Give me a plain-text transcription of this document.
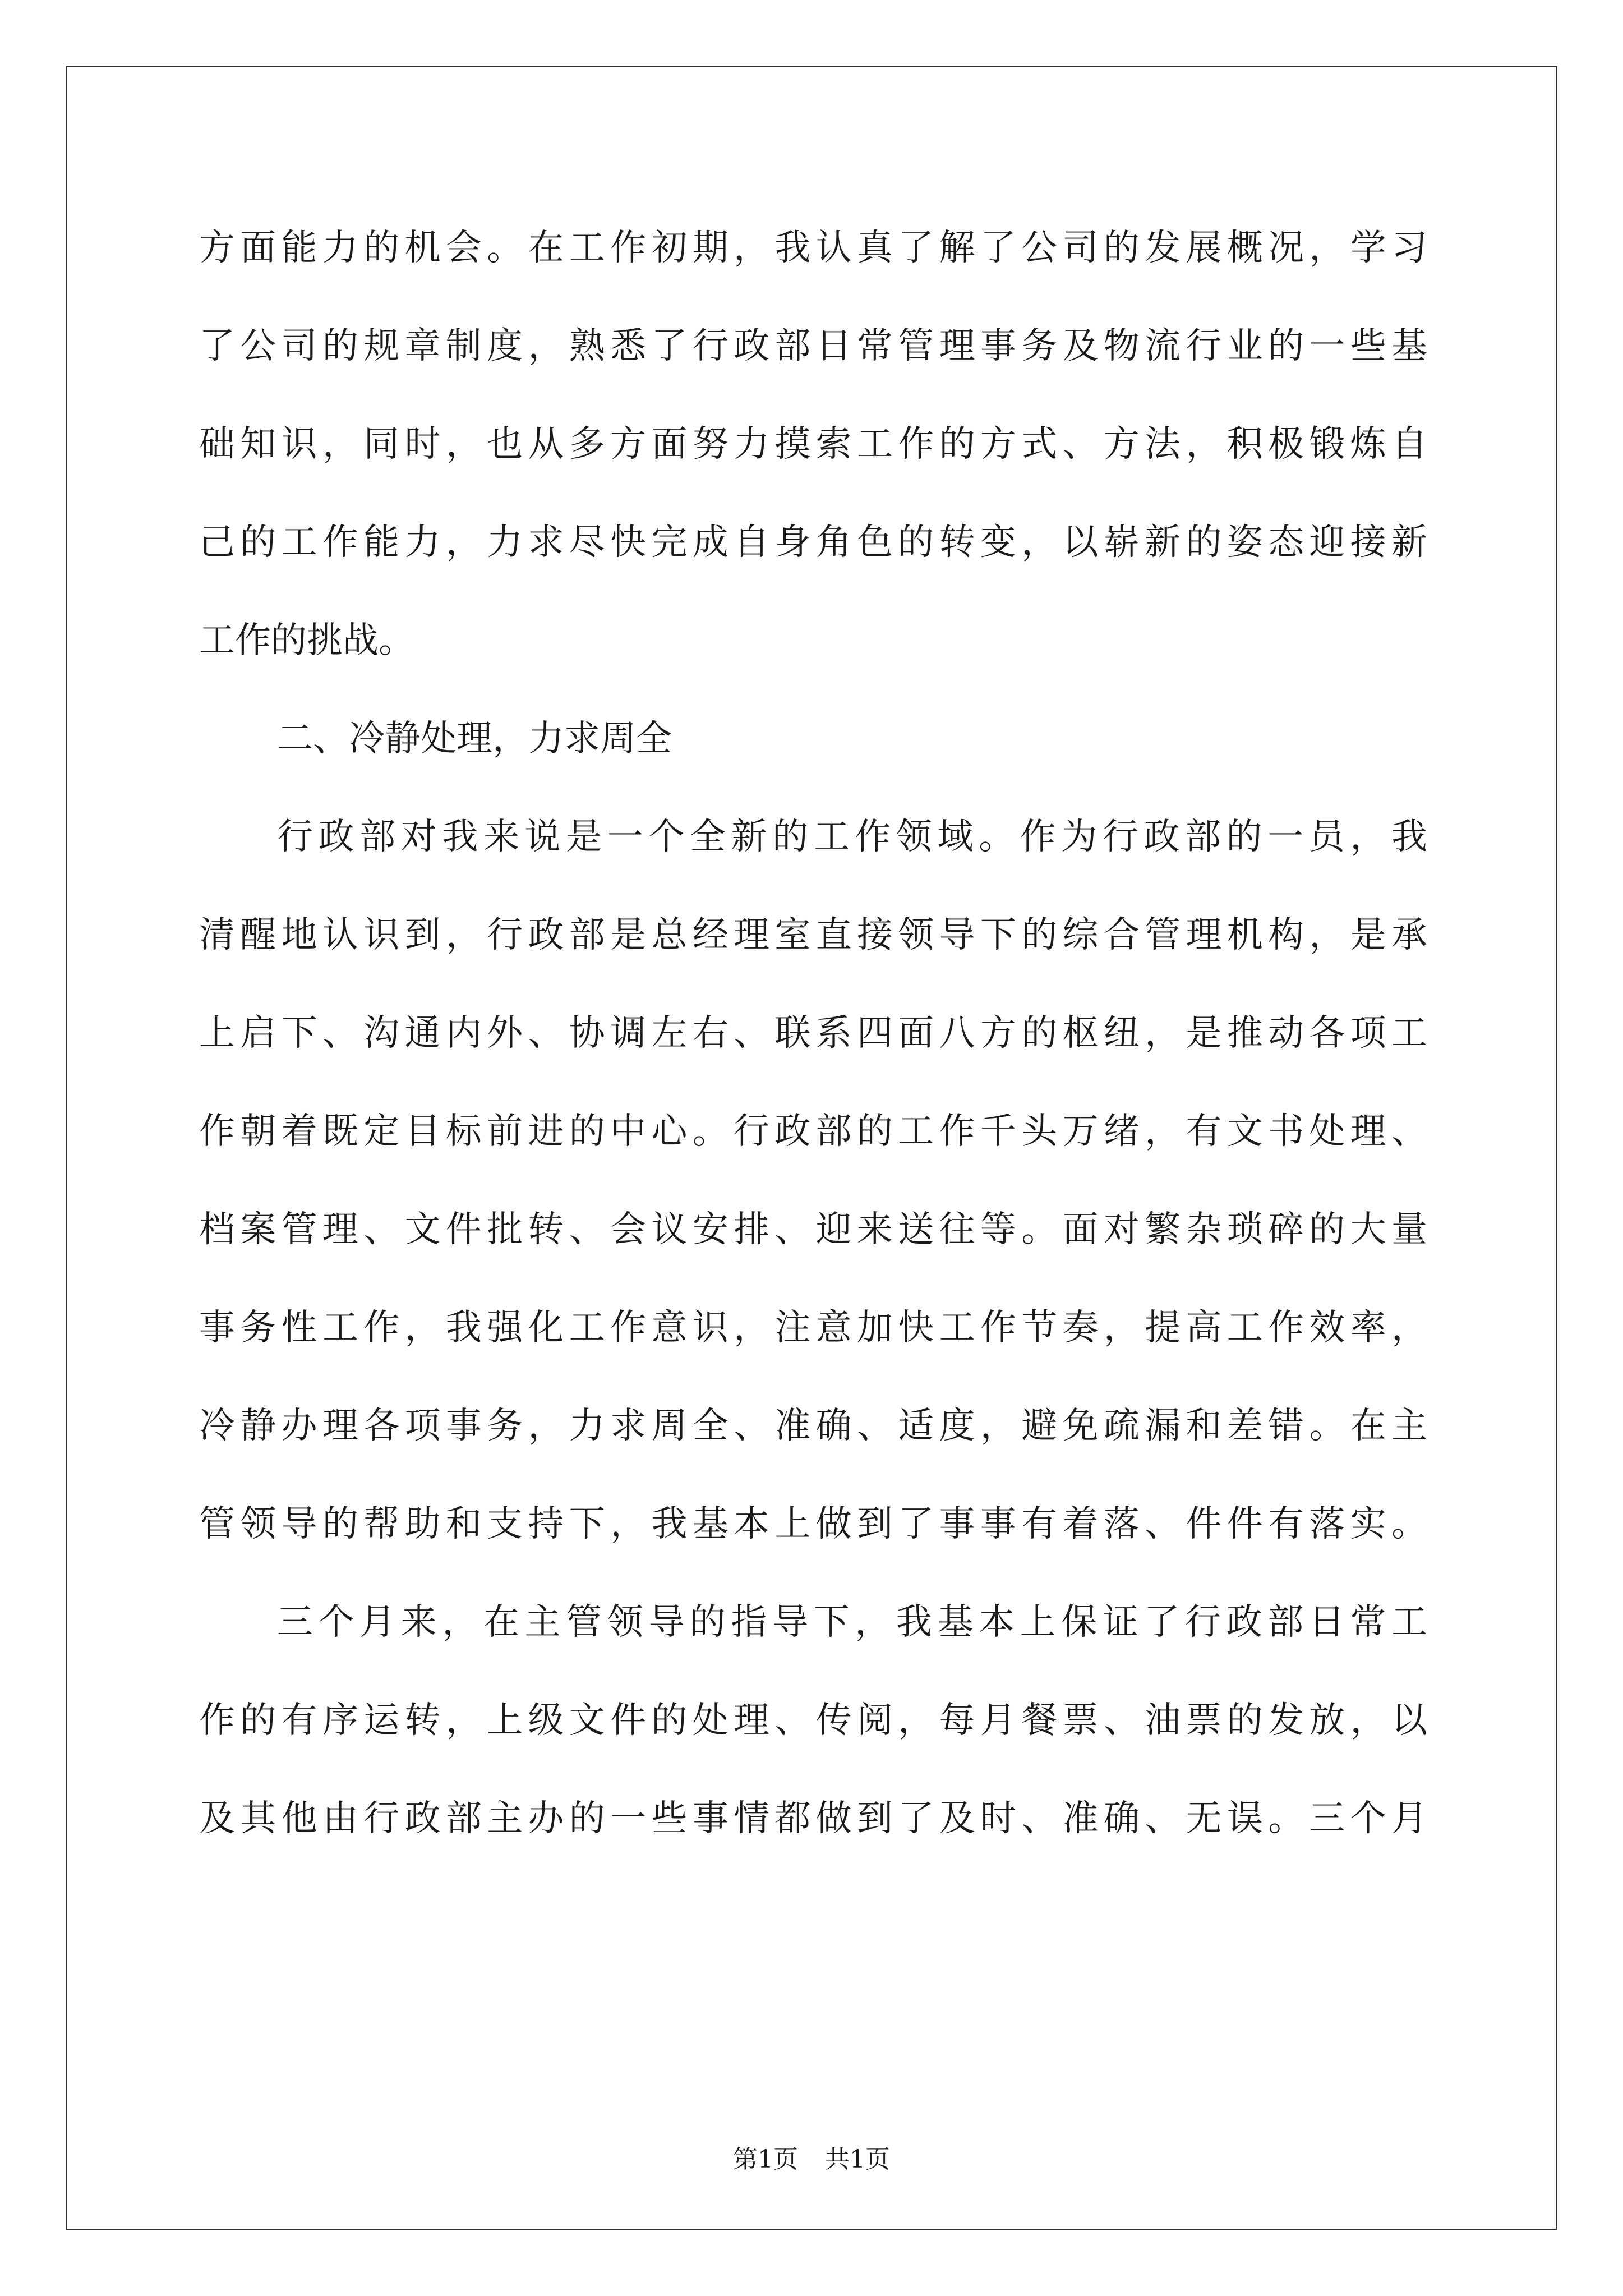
方面能力的机会。在工作初期，我认真了解了公司的发展概况，学习
了公司的规章制度，熟悉了行政部日常管理事务及物流行业的一些基
础知识，同时，也从多方面努力摸索工作的方式、方法，积极锻炼自
己的工作能力，力求尽快完成自身角色的转变，以崭新的姿态迎接新
工作的挑战。
二、冷静处理，力求周全
行政部对我来说是一个全新的工作领域。作为行政部的一员，我
清醒地认识到，行政部是总经理室直接领导下的综合管理机构，是承
上启下、沟通内外、协调左右、联系四面八方的枢纽，是推动各项工
作朝着既定目标前进的中心。行政部的工作千头万绪，有文书处理、
档案管理、文件批转、会议安排、迎来送往等。面对繁杂琐碎的大量
事务性工作，我强化工作意识，注意加快工作节奏，提高工作效率，
冷静办理各项事务，力求周全、准确、适度，避免疏漏和差错。在主
管领导的帮助和支持下，我基本上做到了事事有着落、件件有落实。
三个月来，在主管领导的指导下，我基本上保证了行政部日常工
作的有序运转，上级文件的处理、传阅，每月餐票、油票的发放，以
及其他由行政部主办的一些事情都做到了及时、准确、无误。三个月
第1页 共1页
